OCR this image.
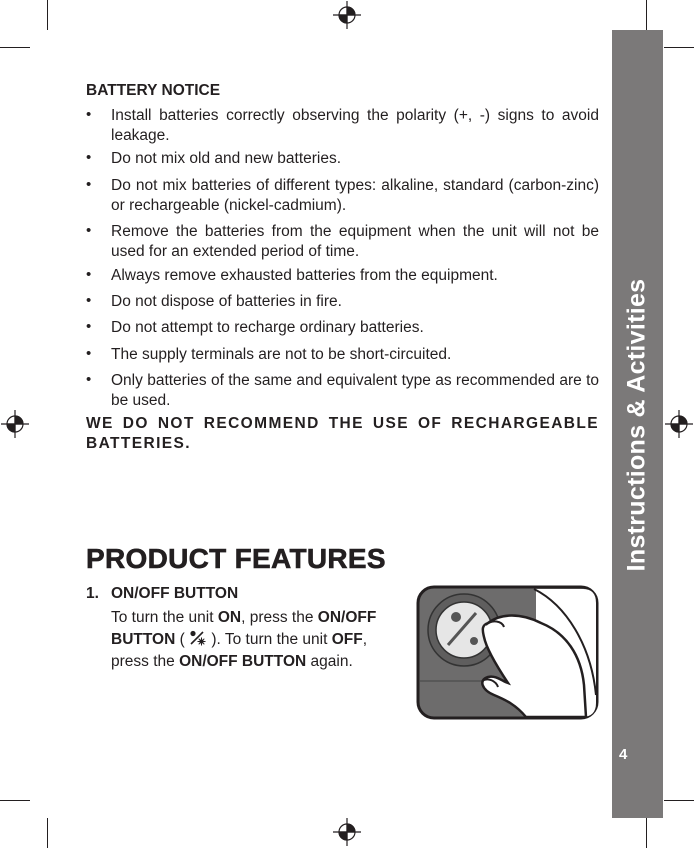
Instructions & Activities
4
BATTERY NOTICE
• Install batteries correctly observing the polarity (+, -) signs to avoid leakage.
• Do not mix old and new batteries.
• Do not mix batteries of different types: alkaline, standard (carbon-zinc) or rechargeable (nickel-cadmium).
• Remove the batteries from the equipment when the unit will not be used for an extended period of time.
• Always remove exhausted batteries from the equipment.
• Do not dispose of batteries in fire.
• Do not attempt to recharge ordinary batteries.
• The supply terminals are not to be short-circuited.
• Only batteries of the same and equivalent type as recommended are to be used.
WE DO NOT RECOMMEND THE USE OF RECHARGEABLE BATTERIES.
PRODUCT FEATURES
1. ON/OFF BUTTON
To turn the unit ON, press the ON/OFF BUTTON (  ). To turn the unit OFF, press the ON/OFF BUTTON again.
